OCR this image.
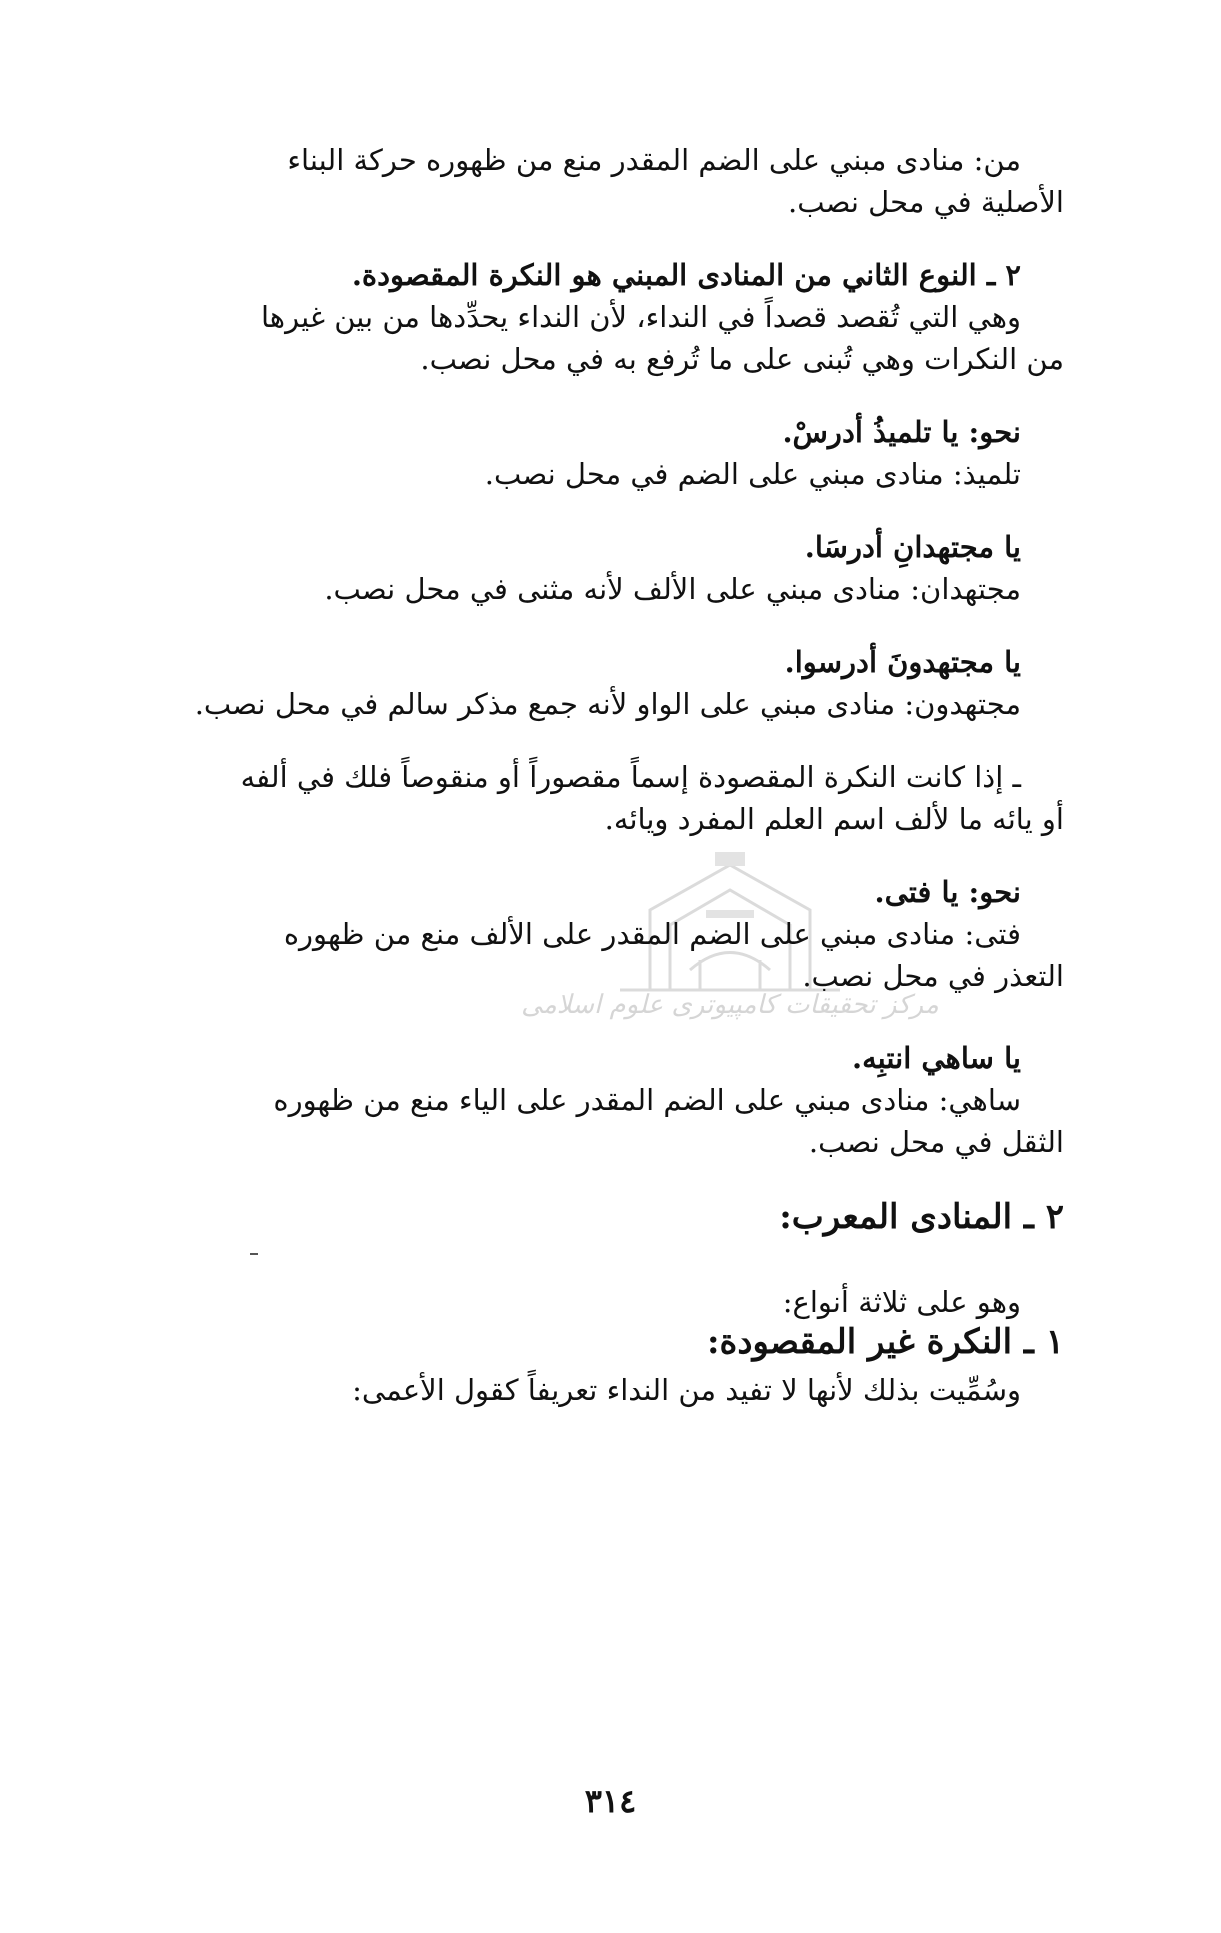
مرکز تحقیقات کامپیوتری علوم اسلامی
من: منادى مبني على الضم المقدر منع من ظهوره حركة البناء
الأصلية في محل نصب.
٢ ـ النوع الثاني من المنادى المبني هو النكرة المقصودة.
وهي التي تُقصد قصداً في النداء، لأن النداء يحدِّدها من بين غيرها
من النكرات وهي تُبنى على ما تُرفع به في محل نصب.
نحو: يا تلميذُ أدرسْ.
تلميذ: منادى مبني على الضم في محل نصب.
يا مجتهدانِ أدرسَا.
مجتهدان: منادى مبني على الألف لأنه مثنى في محل نصب.
يا مجتهدونَ أدرسوا.
مجتهدون: منادى مبني على الواو لأنه جمع مذكر سالم في محل نصب.
ـ إذا كانت النكرة المقصودة إسماً مقصوراً أو منقوصاً فلك في ألفه
أو يائه ما لألف اسم العلم المفرد ويائه.
نحو: يا فتى.
فتى: منادى مبني على الضم المقدر على الألف منع من ظهوره
التعذر في محل نصب.
يا ساهي انتبِه.
ساهي: منادى مبني على الضم المقدر على الياء منع من ظهوره
الثقل في محل نصب.
٢ ـ المنادى المعرب:
وهو على ثلاثة أنواع:
١ ـ النكرة غير المقصودة:
وسُمِّيت بذلك لأنها لا تفيد من النداء تعريفاً كقول الأعمى:
٣١٤
